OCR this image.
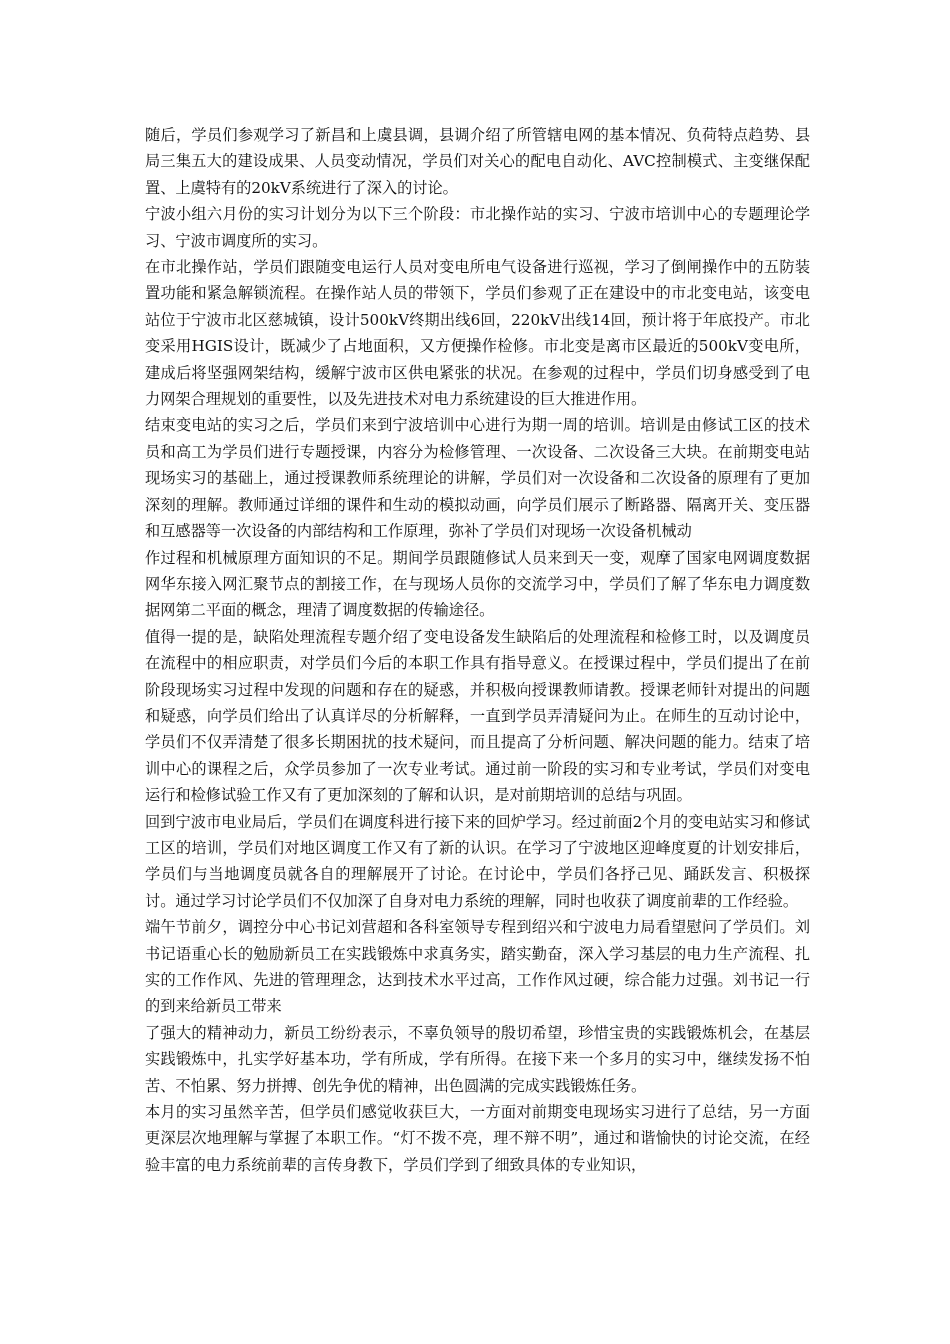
随后，学员们参观学习了新昌和上虞县调，县调介绍了所管辖电网的基本情况、负荷特点趋势、县局三集五大的建设成果、人员变动情况，学员们对关心的配电自动化、AVC控制模式、主变继保配置、上虞特有的20kV系统进行了深入的讨论。

宁波小组六月份的实习计划分为以下三个阶段：市北操作站的实习、宁波市培训中心的专题理论学习、宁波市调度所的实习。

在市北操作站，学员们跟随变电运行人员对变电所电气设备进行巡视，学习了倒闸操作中的五防装置功能和紧急解锁流程。在操作站人员的带领下，学员们参观了正在建设中的市北变电站，该变电站位于宁波市北区慈城镇，设计500kV终期出线6回，220kV出线14回，预计将于年底投产。市北变采用HGIS设计，既减少了占地面积，又方便操作检修。市北变是离市区最近的500kV变电所，建成后将坚强网架结构，缓解宁波市区供电紧张的状况。在参观的过程中，学员们切身感受到了电力网架合理规划的重要性，以及先进技术对电力系统建设的巨大推进作用。

结束变电站的实习之后，学员们来到宁波培训中心进行为期一周的培训。培训是由修试工区的技术员和高工为学员们进行专题授课，内容分为检修管理、一次设备、二次设备三大块。在前期变电站现场实习的基础上，通过授课教师系统理论的讲解，学员们对一次设备和二次设备的原理有了更加深刻的理解。教师通过详细的课件和生动的模拟动画，向学员们展示了断路器、隔离开关、变压器和互感器等一次设备的内部结构和工作原理，弥补了学员们对现场一次设备机械动

作过程和机械原理方面知识的不足。期间学员跟随修试人员来到天一变，观摩了国家电网调度数据网华东接入网汇聚节点的割接工作，在与现场人员你的交流学习中，学员们了解了华东电力调度数据网第二平面的概念，理清了调度数据的传输途径。

值得一提的是，缺陷处理流程专题介绍了变电设备发生缺陷后的处理流程和检修工时，以及调度员在流程中的相应职责，对学员们今后的本职工作具有指导意义。在授课过程中，学员们提出了在前阶段现场实习过程中发现的问题和存在的疑惑，并积极向授课教师请教。授课老师针对提出的问题和疑惑，向学员们给出了认真详尽的分析解释，一直到学员弄清疑问为止。在师生的互动讨论中，学员们不仅弄清楚了很多长期困扰的技术疑问，而且提高了分析问题、解决问题的能力。结束了培训中心的课程之后，众学员参加了一次专业考试。通过前一阶段的实习和专业考试，学员们对变电运行和检修试验工作又有了更加深刻的了解和认识，是对前期培训的总结与巩固。

回到宁波市电业局后，学员们在调度科进行接下来的回炉学习。经过前面2个月的变电站实习和修试工区的培训，学员们对地区调度工作又有了新的认识。在学习了宁波地区迎峰度夏的计划安排后，学员们与当地调度员就各自的理解展开了讨论。在讨论中，学员们各抒己见、踊跃发言、积极探讨。通过学习讨论学员们不仅加深了自身对电力系统的理解，同时也收获了调度前辈的工作经验。

端午节前夕，调控分中心书记刘营超和各科室领导专程到绍兴和宁波电力局看望慰问了学员们。刘书记语重心长的勉励新员工在实践锻炼中求真务实，踏实勤奋，深入学习基层的电力生产流程、扎实的工作作风、先进的管理理念，达到技术水平过高，工作作风过硬，综合能力过强。刘书记一行的到来给新员工带来

了强大的精神动力，新员工纷纷表示，不辜负领导的殷切希望，珍惜宝贵的实践锻炼机会，在基层实践锻炼中，扎实学好基本功，学有所成，学有所得。在接下来一个多月的实习中，继续发扬不怕苦、不怕累、努力拼搏、创先争优的精神，出色圆满的完成实践锻炼任务。

本月的实习虽然辛苦，但学员们感觉收获巨大，一方面对前期变电现场实习进行了总结，另一方面更深层次地理解与掌握了本职工作。“灯不拨不亮，理不辩不明”，通过和谐愉快的讨论交流，在经验丰富的电力系统前辈的言传身教下，学员们学到了细致具体的专业知识，
